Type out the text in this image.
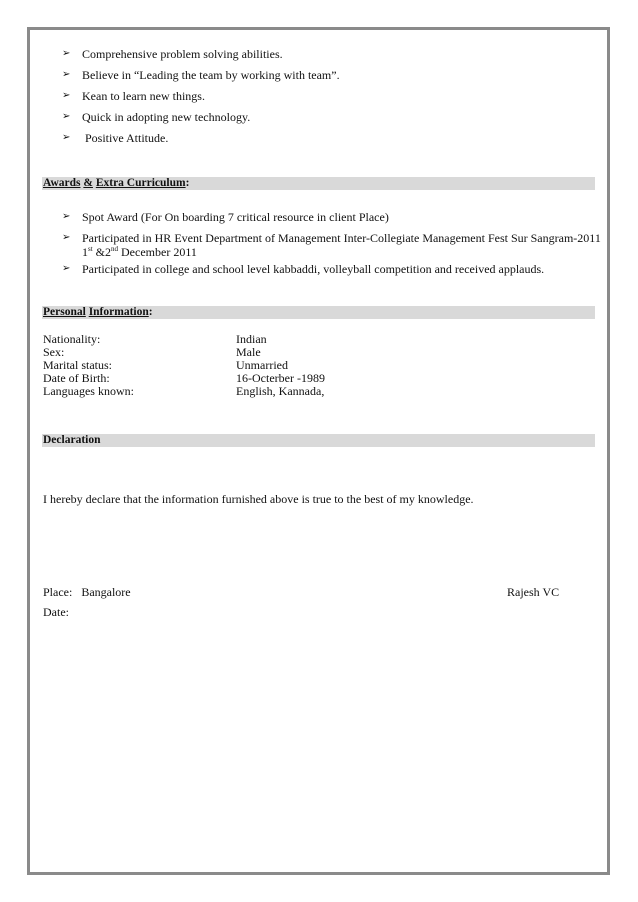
➢ Comprehensive problem solving abilities.
➢ Believe in “Leading the team by working with team”.
➢ Kean to learn new things.
➢ Quick in adopting new technology.
➢ Positive Attitude.
Awards & Extra Curriculum:
➢ Spot Award (For On boarding 7 critical resource in client Place)
➢ Participated in HR Event Department of Management Inter-Collegiate Management Fest Sur Sangram-2011
1st &2nd December 2011
➢ Participated in college and school level kabbaddi, volleyball competition and received applauds.
Personal Information:
Nationality:	Indian
Sex:	Male
Marital status:	Unmarried
Date of Birth:	16-Octerber -1989
Languages known:	English, Kannada,
Declaration
I hereby declare that the information furnished above is true to the best of my knowledge.
Place:   Bangalore	Rajesh VC
Date:
